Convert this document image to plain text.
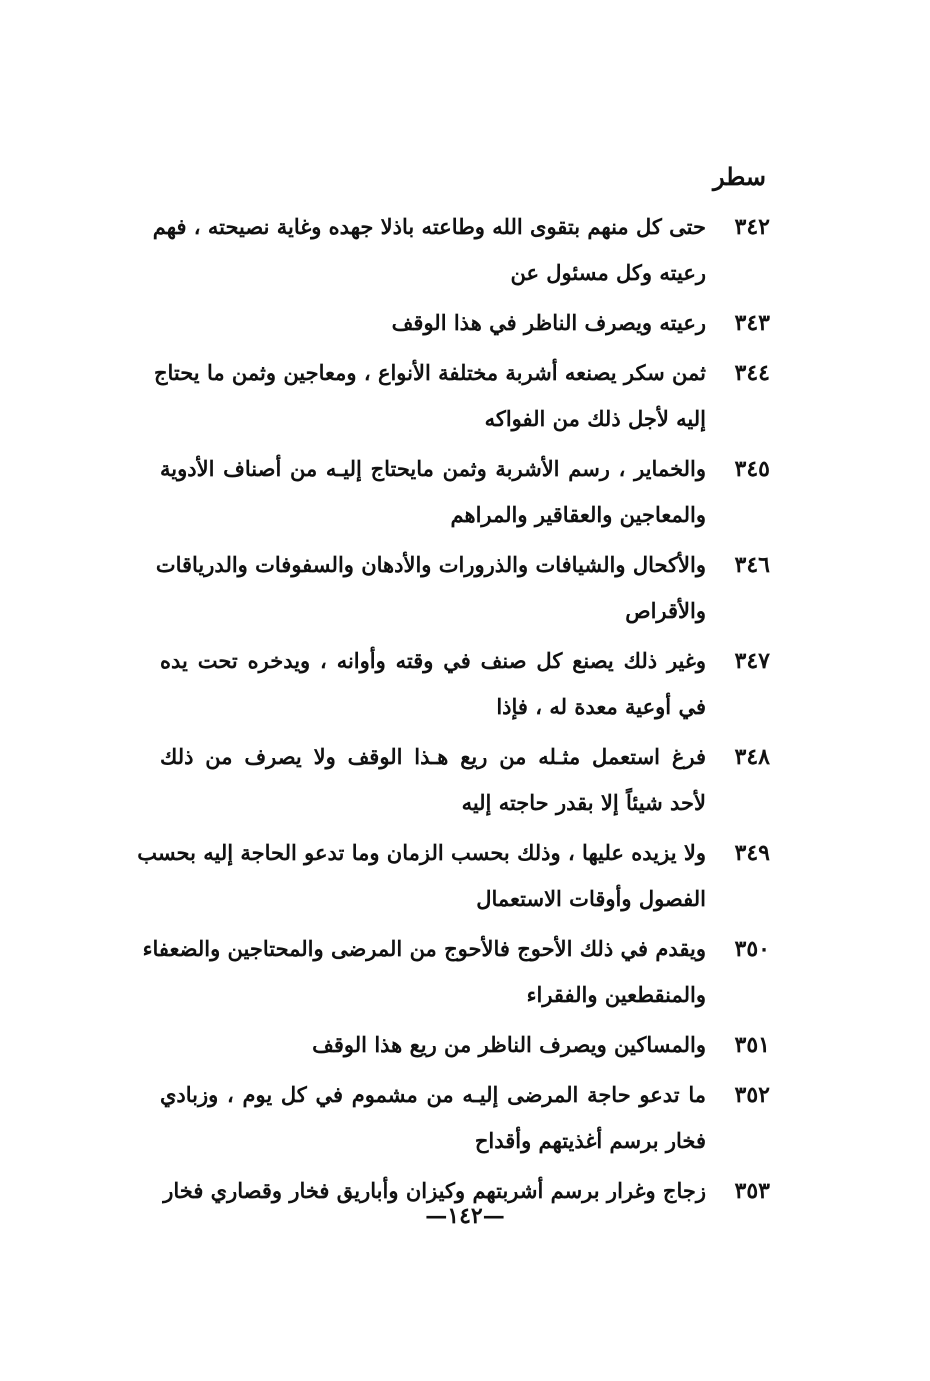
سطر
٣٤٢
حتى كل منهم بتقوى الله وطاعته باذلا جهده وغاية نصيحته ، فهم
رعيته وكل مسئول عن
٣٤٣
رعيته ويصرف الناظر في هذا الوقف
٣٤٤
ثمن سكر يصنعه أشربة مختلفة الأنواع ، ومعاجين وثمن ما يحتاج
إليه لأجل ذلك من الفواكه
٣٤٥
والخماير ، رسم الأشربة وثمن مايحتاج إليـه من أصناف الأدوية
والمعاجين والعقاقير والمراهم
٣٤٦
والأكحال والشيافات والذرورات والأدهان والسفوفات والدرياقات
والأقراص
٣٤٧
وغير ذلك يصنع كل صنف في وقته وأوانه ، ويدخره تحت يده
في أوعية معدة له ، فإذا
٣٤٨
فرغ استعمل مثـله من ريع هـذا الوقف ولا يصرف من ذلك
لأحد شيئاً إلا بقدر حاجته إليه
٣٤٩
ولا يزيده عليها ، وذلك بحسب الزمان وما تدعو الحاجة إليه بحسب
الفصول وأوقات الاستعمال
٣٥٠
ويقدم في ذلك الأحوج فالأحوج من المرضى والمحتاجين والضعفاء
والمنقطعين والفقراء
٣٥١
والمساكين ويصرف الناظر من ريع هذا الوقف
٣٥٢
ما تدعو حاجة المرضى إليـه من مشموم في كل يوم ، وزبادي
فخار برسم أغذيتهم وأقداح
٣٥٣
زجاج وغرار برسم أشربتهم وكيزان وأباريق فخار وقصاري فخار
—١٤٢—
